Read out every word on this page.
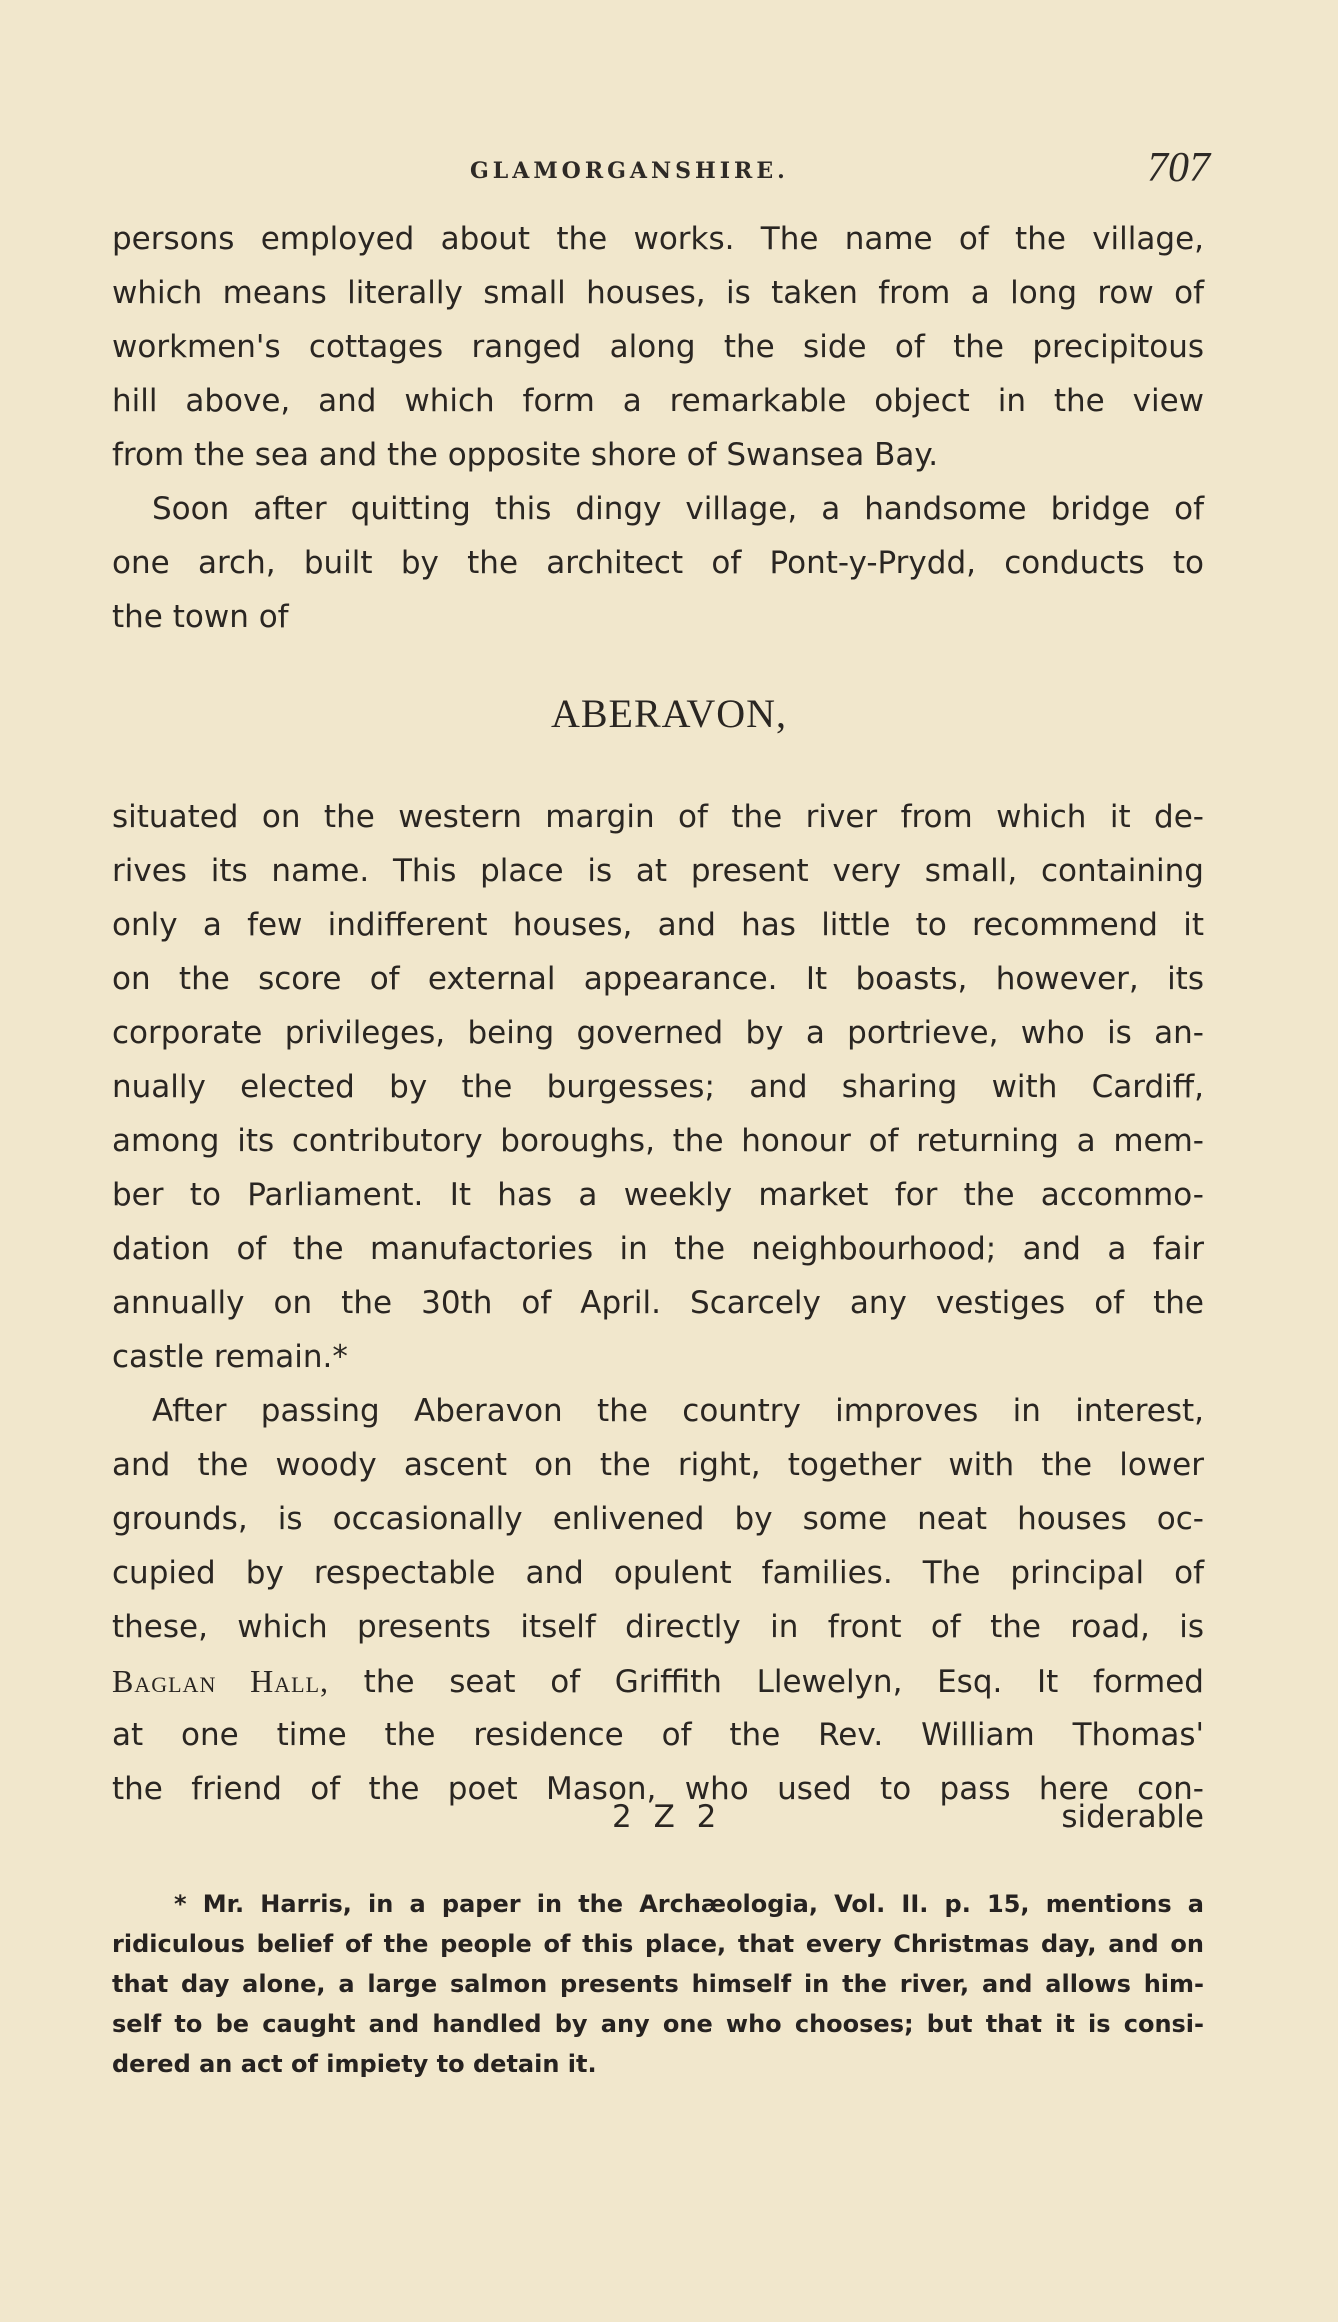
GLAMORGANSHIRE.	707
persons employed about the works. The name of the village,
which means literally small houses, is taken from a long row of
workmen's cottages ranged along the side of the precipitous
hill above, and which form a remarkable object in the view
from the sea and the opposite shore of Swansea Bay.
Soon after quitting this dingy village, a handsome bridge of
one arch, built by the architect of Pont-y-Prydd, conducts to
the town of
ABERAVON,
situated on the western margin of the river from which it de-
rives its name. This place is at present very small, containing
only a few indifferent houses, and has little to recommend it
on the score of external appearance. It boasts, however, its
corporate privileges, being governed by a portrieve, who is an-
nually elected by the burgesses; and sharing with Cardiff,
among its contributory boroughs, the honour of returning a mem-
ber to Parliament. It has a weekly market for the accommo-
dation of the manufactories in the neighbourhood; and a fair
annually on the 30th of April. Scarcely any vestiges of the
castle remain.*
After passing Aberavon the country improves in interest,
and the woody ascent on the right, together with the lower
grounds, is occasionally enlivened by some neat houses oc-
cupied by respectable and opulent families. The principal of
these, which presents itself directly in front of the road, is
Baglan Hall, the seat of Griffith Llewelyn, Esq. It formed
at one time the residence of the Rev. William Thomas'
the friend of the poet Mason, who used to pass here con-
2 Z 2	siderable
* Mr. Harris, in a paper in the Archæologia, Vol. II. p. 15, mentions a
ridiculous belief of the people of this place, that every Christmas day, and on
that day alone, a large salmon presents himself in the river, and allows him-
self to be caught and handled by any one who chooses; but that it is consi-
dered an act of impiety to detain it.
